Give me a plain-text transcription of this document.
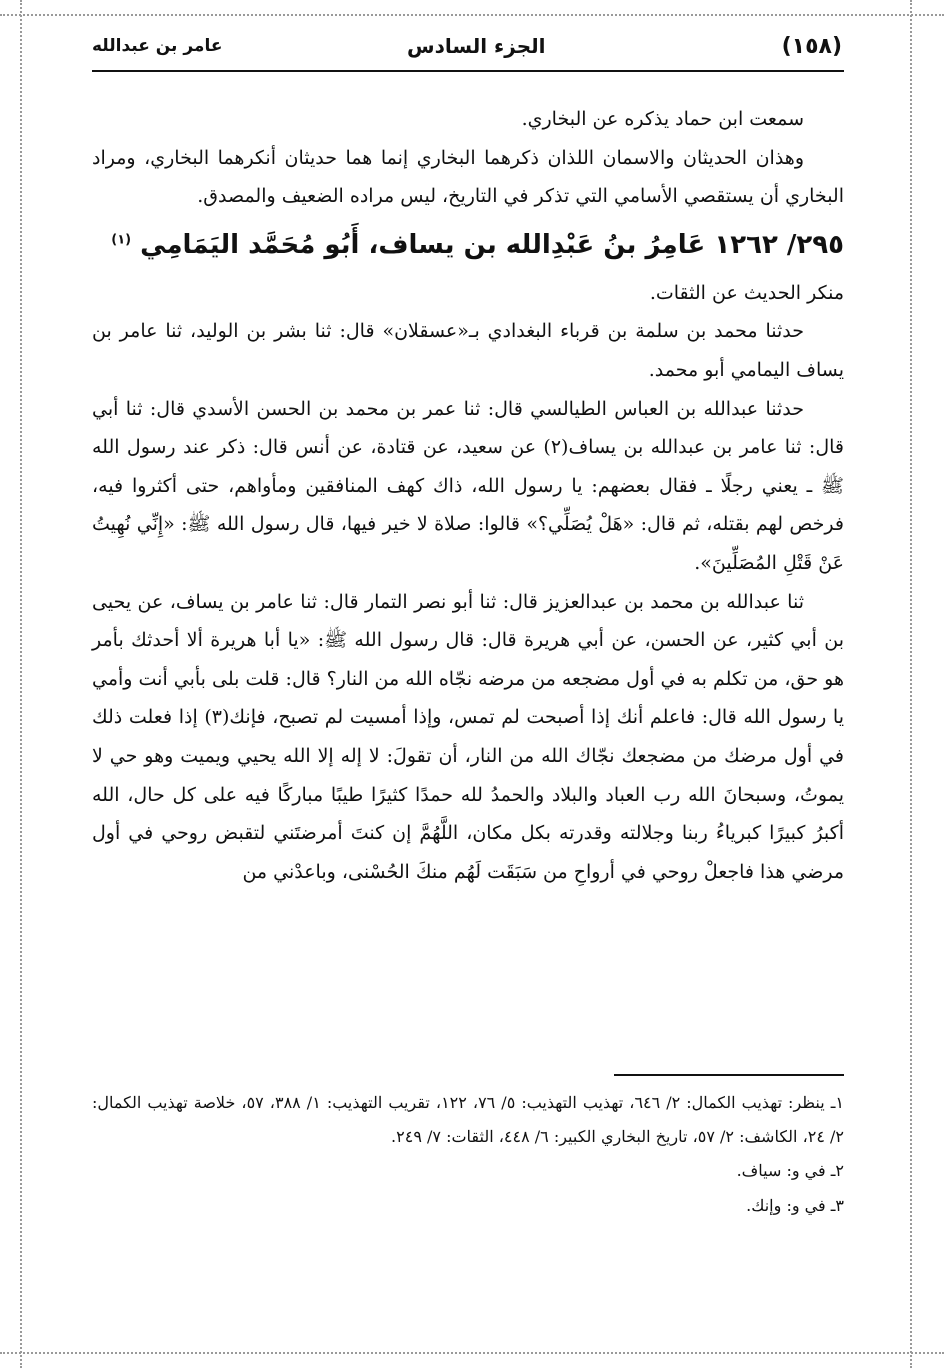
(١٥٨)
الجزء السادس
عامر بن عبدالله

سمعت ابن حماد يذكره عن البخاري.

وهذان الحديثان والاسمان اللذان ذكرهما البخاري إنما هما حديثان أنكرهما البخاري، ومراد البخاري أن يستقصي الأسامي التي تذكر في التاريخ، ليس مراده الضعيف والمصدق.

٢٩٥/ ١٢٦٢ عَامِرُ بنُ عَبْدِالله بن يساف، أَبُو مُحَمَّد اليَمَامِي $^{(١)}$

منكر الحديث عن الثقات.

حدثنا محمد بن سلمة بن قرباء البغدادي بـ«عسقلان» قال: ثنا بشر بن الوليد، ثنا عامر بن يساف اليمامي أبو محمد.

حدثنا عبدالله بن العباس الطيالسي قال: ثنا عمر بن محمد بن الحسن الأسدي قال: ثنا أبي قال: ثنا عامر بن عبدالله بن يساف(٢) عن سعيد، عن قتادة، عن أنس قال: ذكر عند رسول الله ﷺ ـ يعني رجلًا ـ فقال بعضهم: يا رسول الله، ذاك كهف المنافقين ومأواهم، حتى أكثروا فيه، فرخص لهم بقتله، ثم قال: «هَلْ يُصَلِّي؟» قالوا: صلاة لا خير فيها، قال رسول الله ﷺ: «إِنِّي نُهِيتُ عَنْ قَتْلِ المُصَلِّينَ».

ثنا عبدالله بن محمد بن عبدالعزيز قال: ثنا أبو نصر التمار قال: ثنا عامر بن يساف، عن يحيى بن أبي كثير، عن الحسن، عن أبي هريرة قال: قال رسول الله ﷺ: «يا أبا هريرة ألا أحدثك بأمر هو حق، من تكلم به في أول مضجعه من مرضه نجّاه الله من النار؟ قال: قلت بلى بأبي أنت وأمي يا رسول الله قال: فاعلم أنك إذا أصبحت لم تمس، وإذا أمسيت لم تصبح، فإنك(٣) إذا فعلت ذلك في أول مرضك من مضجعك نجّاك الله من النار، أن تقولَ: لا إله إلا الله يحيي ويميت وهو حي لا يموتُ، وسبحانَ الله رب العباد والبلاد والحمدُ لله حمدًا كثيرًا طيبًا مباركًا فيه على كل حال، الله أكبرُ كبيرًا كبرياءُ ربنا وجلالته وقدرته بكل مكان، اللَّهُمَّ إن كنتَ أمرضتَني لتقبض روحي في أول مرضي هذا فاجعلْ روحي في أرواحِ من سَبَقَت لَهُم منكَ الحُسْنى، وباعدْني من

١ـ ينظر: تهذيب الكمال: ٢/ ٦٤٦، تهذيب التهذيب: ٥/ ٧٦، ١٢٢، تقريب التهذيب: ١/ ٣٨٨، ٥٧، خلاصة تهذيب الكمال: ٢/ ٢٤، الكاشف: ٢/ ٥٧، تاريخ البخاري الكبير: ٦/ ٤٤٨، الثقات: ٧/ ٢٤٩.

٢ـ في و: سياف.

٣ـ في و: وإنك.
